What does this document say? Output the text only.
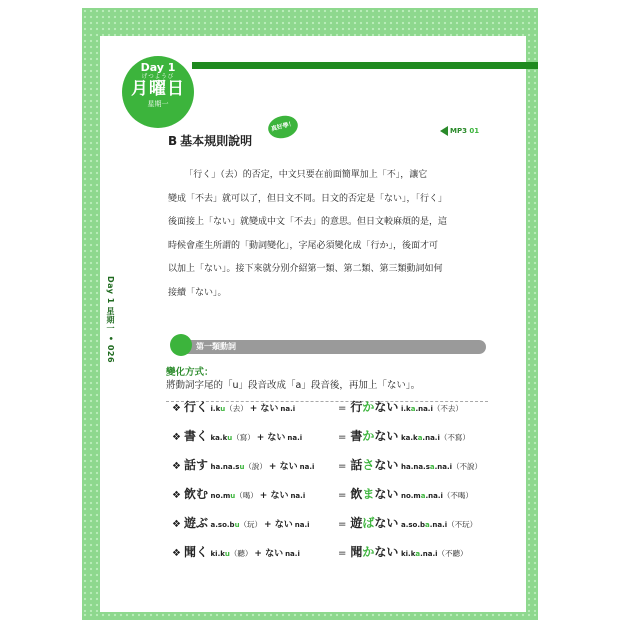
Day 1
げつようび
月曜日
星期一
B 基本規則說明
真好學！	MP3 01
Day 1 星期一 • 026

「行く」（去）的否定，中文只要在前面簡單加上「不」，讓它

變成「不去」就可以了，但日文不同。日文的否定是「ない」，「行く」
後面接上「ない」就變成中文「不去」的意思。但日文較麻煩的是，這
時候會產生所謂的「動詞變化」，字尾必須變化成「行か」，後面才可
以加上「ない」。接下來就分別介紹第一類、第二類、第三類動詞如何
接續「ない」。
第一類動詞
變化方式：
將動詞字尾的「u」段音改成「a」段音後，再加上「ない」。
❖ 行く i.ku（去） + ない na.i	= 行かない i.ka.na.i（不去）
❖ 書く ka.ku（寫） + ない na.i	= 書かない ka.ka.na.i（不寫）
❖ 話す ha.na.su（說） + ない na.i = 話さない ha.na.sa.na.i（不說）
❖ 飲む no.mu（喝） + ない na.i	= 飲まない no.ma.na.i（不喝）
❖ 遊ぶ a.so.bu（玩） + ない na.i	= 遊ばない a.so.ba.na.i（不玩）
❖ 聞く ki.ku（聽） + ない na.i	= 聞かない ki.ka.na.i（不聽）
